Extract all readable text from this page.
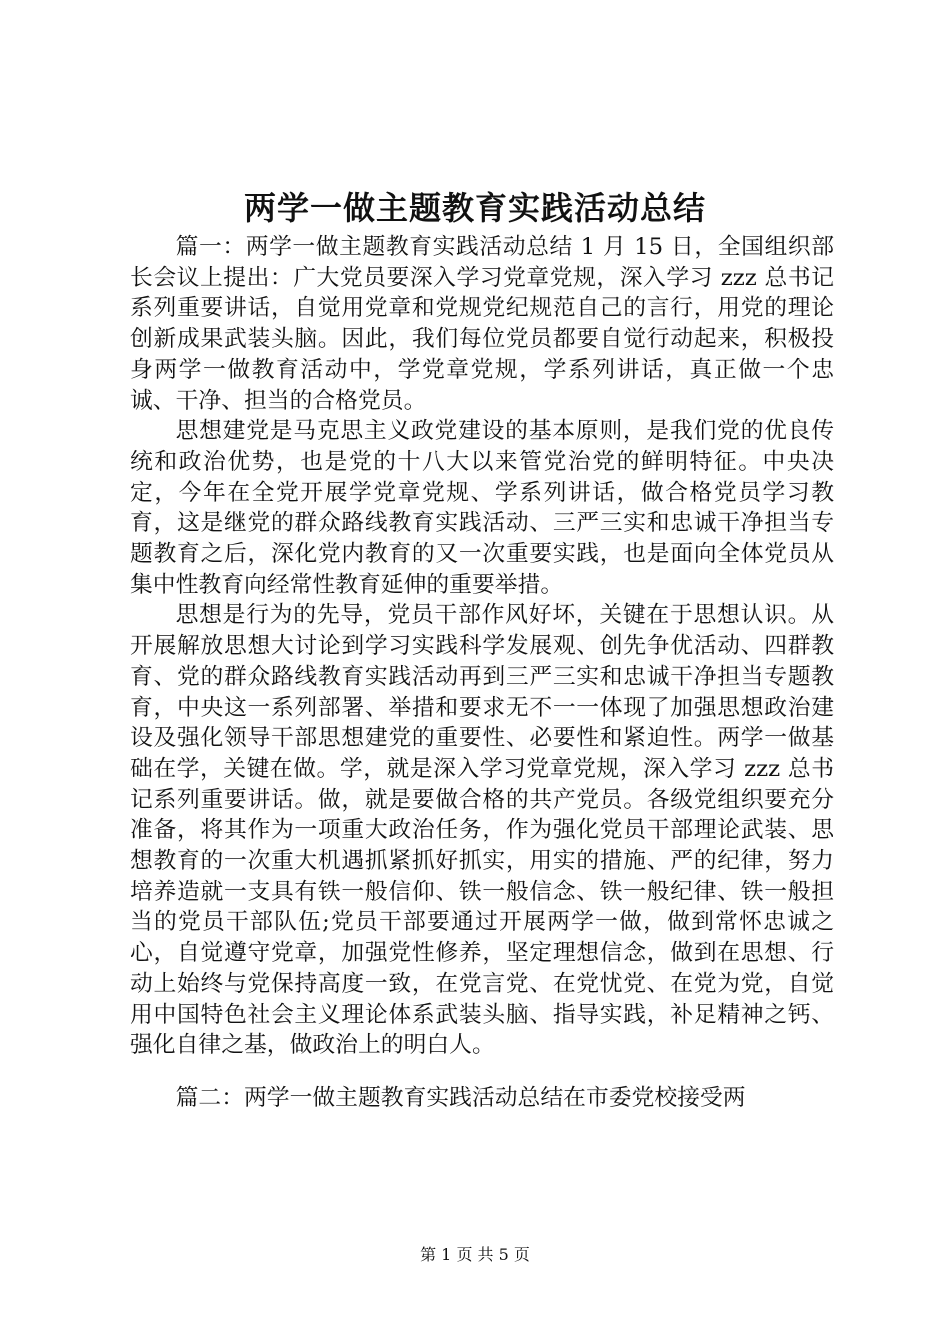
两学一做主题教育实践活动总结

篇一：两学一做主题教育实践活动总结 1 月 15 日，全国组织部长会议上提出：广大党员要深入学习党章党规，深入学习 zzz 总书记系列重要讲话，自觉用党章和党规党纪规范自己的言行，用党的理论创新成果武装头脑。因此，我们每位党员都要自觉行动起来，积极投身两学一做教育活动中，学党章党规，学系列讲话，真正做一个忠诚、干净、担当的合格党员。

思想建党是马克思主义政党建设的基本原则，是我们党的优良传统和政治优势，也是党的十八大以来管党治党的鲜明特征。中央决定，今年在全党开展学党章党规、学系列讲话，做合格党员学习教育，这是继党的群众路线教育实践活动、三严三实和忠诚干净担当专题教育之后，深化党内教育的又一次重要实践，也是面向全体党员从集中性教育向经常性教育延伸的重要举措。

思想是行为的先导，党员干部作风好坏，关键在于思想认识。从开展解放思想大讨论到学习实践科学发展观、创先争优活动、四群教育、党的群众路线教育实践活动再到三严三实和忠诚干净担当专题教育，中央这一系列部署、举措和要求无不一一体现了加强思想政治建设及强化领导干部思想建党的重要性、必要性和紧迫性。两学一做基础在学，关键在做。学，就是深入学习党章党规，深入学习 zzz 总书记系列重要讲话。做，就是要做合格的共产党员。各级党组织要充分准备，将其作为一项重大政治任务，作为强化党员干部理论武装、思想教育的一次重大机遇抓紧抓好抓实，用实的措施、严的纪律，努力培养造就一支具有铁一般信仰、铁一般信念、铁一般纪律、铁一般担当的党员干部队伍;党员干部要通过开展两学一做，做到常怀忠诚之心，自觉遵守党章，加强党性修养，坚定理想信念，做到在思想、行动上始终与党保持高度一致，在党言党、在党忧党、在党为党，自觉用中国特色社会主义理论体系武装头脑、指导实践，补足精神之钙、强化自律之基，做政治上的明白人。

篇二：两学一做主题教育实践活动总结在市委党校接受两

第 1 页 共 5 页
